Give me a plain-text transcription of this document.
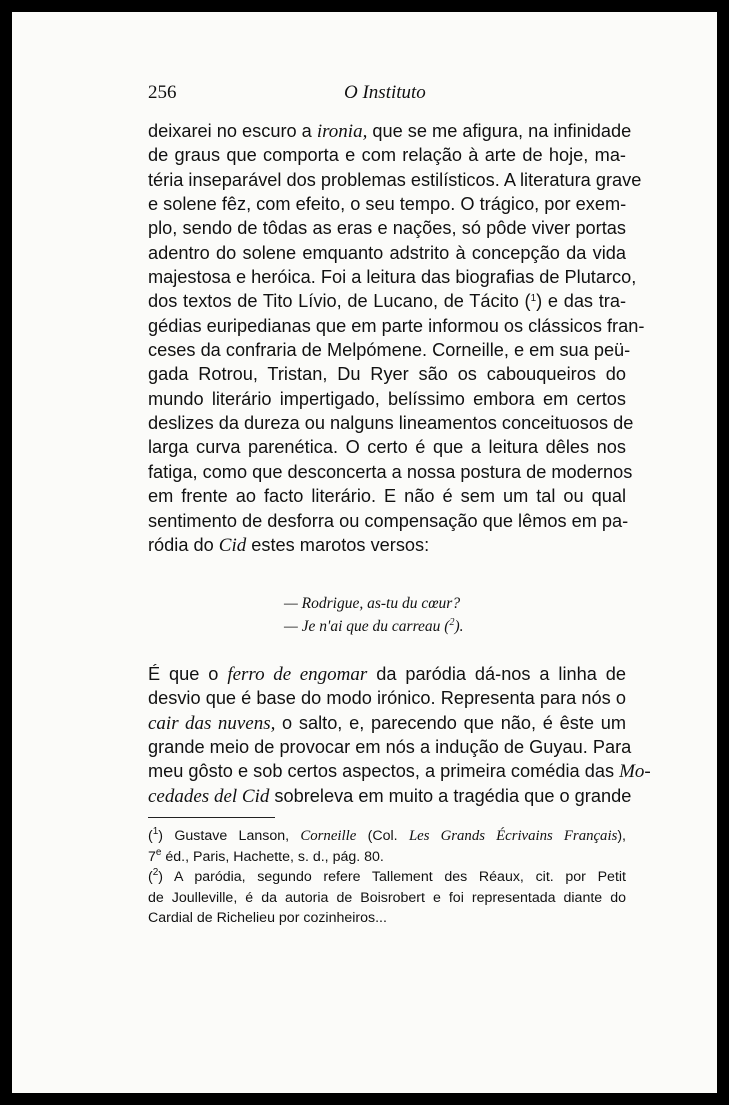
256	O Instituto
deixarei no escuro a ironia, que se me afigura, na infinidade
de graus que comporta e com relação à arte de hoje, ma-
téria inseparável dos problemas estilísticos. A literatura grave
e solene fêz, com efeito, o seu tempo. O trágico, por exem-
plo, sendo de tôdas as eras e nações, só pôde viver portas
adentro do solene emquanto adstrito à concepção da vida
majestosa e heróica. Foi a leitura das biografias de Plutarco,
dos textos de Tito Lívio, de Lucano, de Tácito ($^1$) e das tra-
gédias euripedianas que em parte informou os clássicos fran-
ceses da confraria de Melpómene. Corneille, e em sua peü-
gada Rotrou, Tristan, Du Ryer são os cabouqueiros do
mundo literário impertigado, belíssimo embora em certos
deslizes da dureza ou nalguns lineamentos conceituosos de
larga curva parenética. O certo é que a leitura dêles nos
fatiga, como que desconcerta a nossa postura de modernos
em frente ao facto literário. E não é sem um tal ou qual
sentimento de desforra ou compensação que lêmos em pa-
ródia do Cid estes marotos versos:
— Rodrigue, as-tu du cœur?
— Je n'ai que du carreau ($^2$).
É que o ferro de engomar da paródia dá-nos a linha de
desvio que é base do modo irónico. Representa para nós o
cair das nuvens, o salto, e, parecendo que não, é êste um
grande meio de provocar em nós a indução de Guyau. Para
meu gôsto e sob certos aspectos, a primeira comédia das Mo-
cedades del Cid sobreleva em muito a tragédia que o grande
($^1$) Gustave Lanson, Corneille (Col. Les Grands Écrivains Français),
7e éd., Paris, Hachette, s. d., pág. 80.
($^2$) A paródia, segundo refere Tallement des Réaux, cit. por Petit
de Joulleville, é da autoria de Boisrobert e foi representada diante do
Cardial de Richelieu por cozinheiros...
